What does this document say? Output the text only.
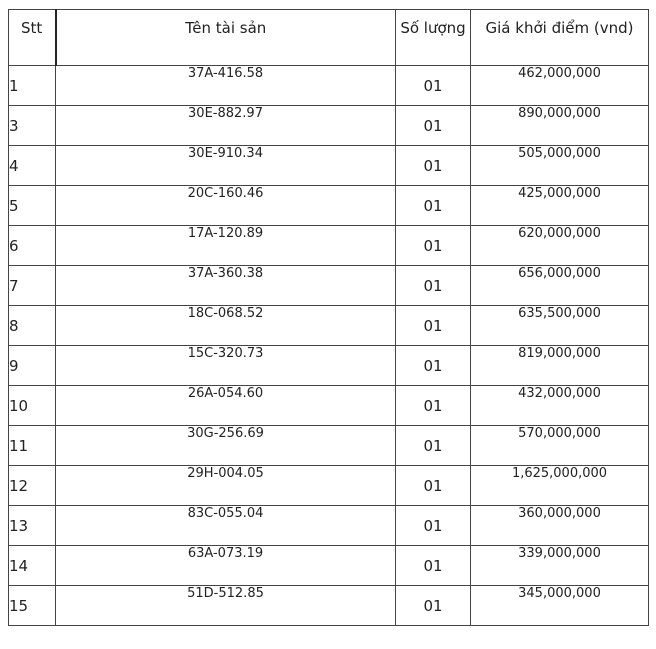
Stt	Tên tài sản	Số lượng	Giá khởi điểm (vnd)
1	37A-416.58	01	462,000,000
3	30E-882.97	01	890,000,000
4	30E-910.34	01	505,000,000
5	20C-160.46	01	425,000,000
6	17A-120.89	01	620,000,000
7	37A-360.38	01	656,000,000
8	18C-068.52	01	635,500,000
9	15C-320.73	01	819,000,000
10	26A-054.60	01	432,000,000
11	30G-256.69	01	570,000,000
12	29H-004.05	01	1,625,000,000
13	83C-055.04	01	360,000,000
14	63A-073.19	01	339,000,000
15	51D-512.85	01	345,000,000
